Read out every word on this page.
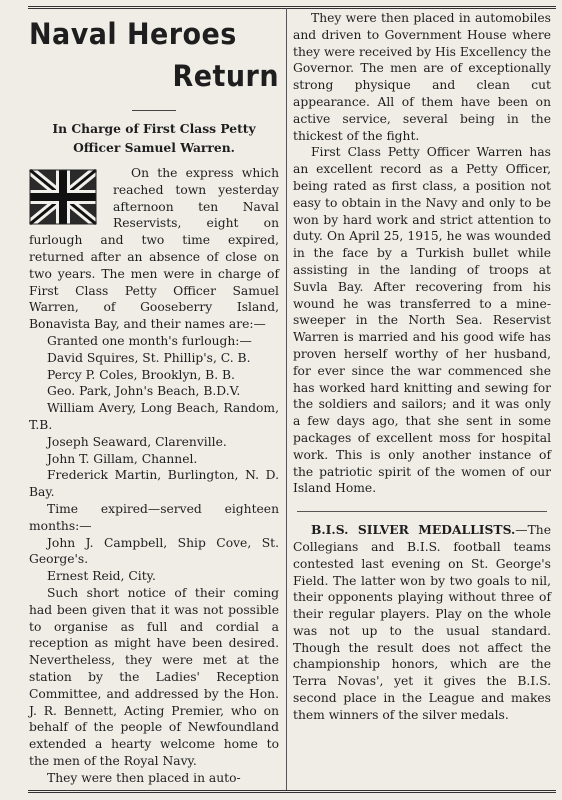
Naval Heroes
Return
In Charge of First Class Petty Officer Samuel Warren.

On the express which reached town yesterday afternoon ten Naval Reservists, eight on furlough and two time expired, returned after an absence of close on two years. The men were in charge of First Class Petty Officer Samuel Warren, of Gooseberry Island, Bonavista Bay, and their names are:—

Granted one month's furlough:—

David Squires, St. Phillip's, C. B.

Percy P. Coles, Brooklyn, B. B.

Geo. Park, John's Beach, B.D.V.

William Avery, Long Beach, Random, T.B.

Joseph Seaward, Clarenville.

John T. Gillam, Channel.

Frederick Martin, Burlington, N. D. Bay.

Time expired—served eighteen months:—

John J. Campbell, Ship Cove, St. George's.

Ernest Reid, City.

Such short notice of their coming had been given that it was not possible to organise as full and cordial a reception as might have been desired. Nevertheless, they were met at the station by the Ladies' Reception Committee, and addressed by the Hon. J. R. Bennett, Acting Premier, who on behalf of the people of Newfoundland extended a hearty welcome home to the men of the Royal Navy.

They were then placed in auto-

They were then placed in automobiles and driven to Government House where they were received by His Excellency the Governor. The men are of exceptionally strong physique and clean cut appearance. All of them have been on active service, several being in the thickest of the fight.

First Class Petty Officer Warren has an excellent record as a Petty Officer, being rated as first class, a position not easy to obtain in the Navy and only to be won by hard work and strict attention to duty. On April 25, 1915, he was wounded in the face by a Turkish bullet while assisting in the landing of troops at Suvla Bay. After recovering from his wound he was transferred to a mine-sweeper in the North Sea. Reservist Warren is married and his good wife has proven herself worthy of her husband, for ever since the war commenced she has worked hard knitting and sewing for the soldiers and sailors; and it was only a few days ago, that she sent in some packages of excellent moss for hospital work. This is only another instance of the patriotic spirit of the women of our Island Home.

B.I.S. SILVER MEDALLISTS.—The Collegians and B.I.S. football teams contested last evening on St. George's Field. The latter won by two goals to nil, their opponents playing without three of their regular players. Play on the whole was not up to the usual standard. Though the result does not affect the championship honors, which are the Terra Novas', yet it gives the B.I.S. second place in the League and makes them winners of the silver medals.
